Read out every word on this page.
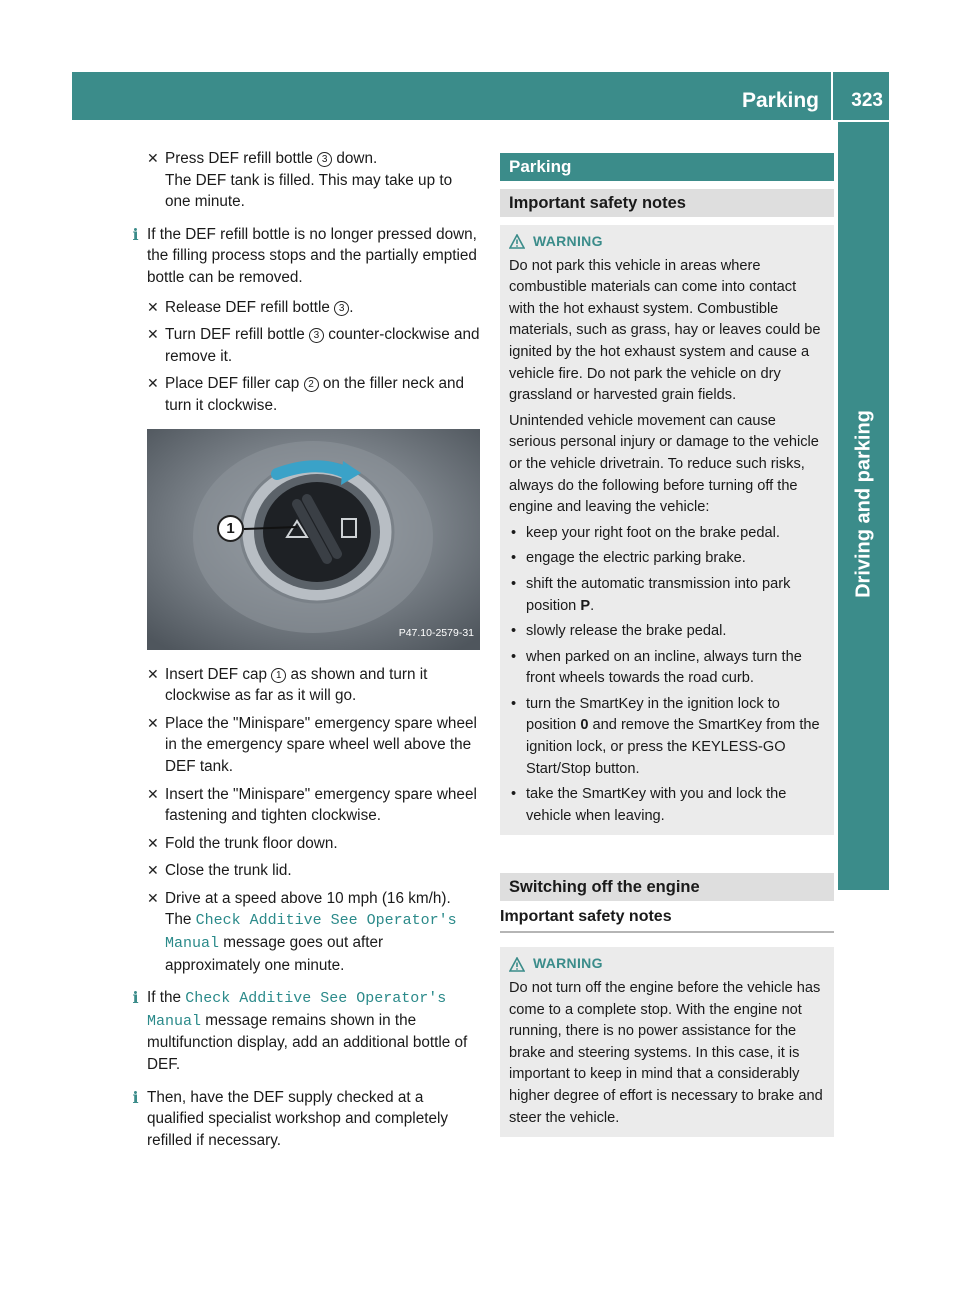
Parking 323
Driving and parking
✕ Press DEF refill bottle 3 down.
The DEF tank is filled. This may take up to one minute.
i If the DEF refill bottle is no longer pressed down, the filling process stops and the partially emptied bottle can be removed.
✕ Release DEF refill bottle 3 .
✕ Turn DEF refill bottle 3 counter-clockwise and remove it.
✕ Place DEF filler cap 2 on the filler neck and turn it clockwise.
1
P47.10-2579-31
✕ Insert DEF cap 1 as shown and turn it clockwise as far as it will go.
✕ Place the "Minispare" emergency spare wheel in the emergency spare wheel well above the DEF tank.
✕ Insert the "Minispare" emergency spare wheel fastening and tighten clockwise.
✕ Fold the trunk floor down.
✕ Close the trunk lid.
✕ Drive at a speed above 10 mph (16 km/h). The Check Additive See Operator's Manual message goes out after approximately one minute.
i If the Check Additive See Operator's Manual message remains shown in the multifunction display, add an additional bottle of DEF.
i Then, have the DEF supply checked at a qualified specialist workshop and completely refilled if necessary.
Parking
Important safety notes
WARNING

Do not park this vehicle in areas where combustible materials can come into contact with the hot exhaust system. Combustible materials, such as grass, hay or leaves could be ignited by the hot exhaust system and cause a vehicle fire. Do not park the vehicle on dry grassland or harvested grain fields.

Unintended vehicle movement can cause serious personal injury or damage to the vehicle or the vehicle drivetrain. To reduce such risks, always do the following before turning off the engine and leaving the vehicle:

• keep your right foot on the brake pedal.
• engage the electric parking brake.
• shift the automatic transmission into park position P.
• slowly release the brake pedal.
• when parked on an incline, always turn the front wheels towards the road curb.
• turn the SmartKey in the ignition lock to position 0 and remove the SmartKey from the ignition lock, or press the KEYLESS-GO Start/Stop button.
• take the SmartKey with you and lock the vehicle when leaving.
Switching off the engine
Important safety notes
WARNING

Do not turn off the engine before the vehicle has come to a complete stop. With the engine not running, there is no power assistance for the brake and steering systems. In this case, it is important to keep in mind that a considerably higher degree of effort is necessary to brake and steer the vehicle.
